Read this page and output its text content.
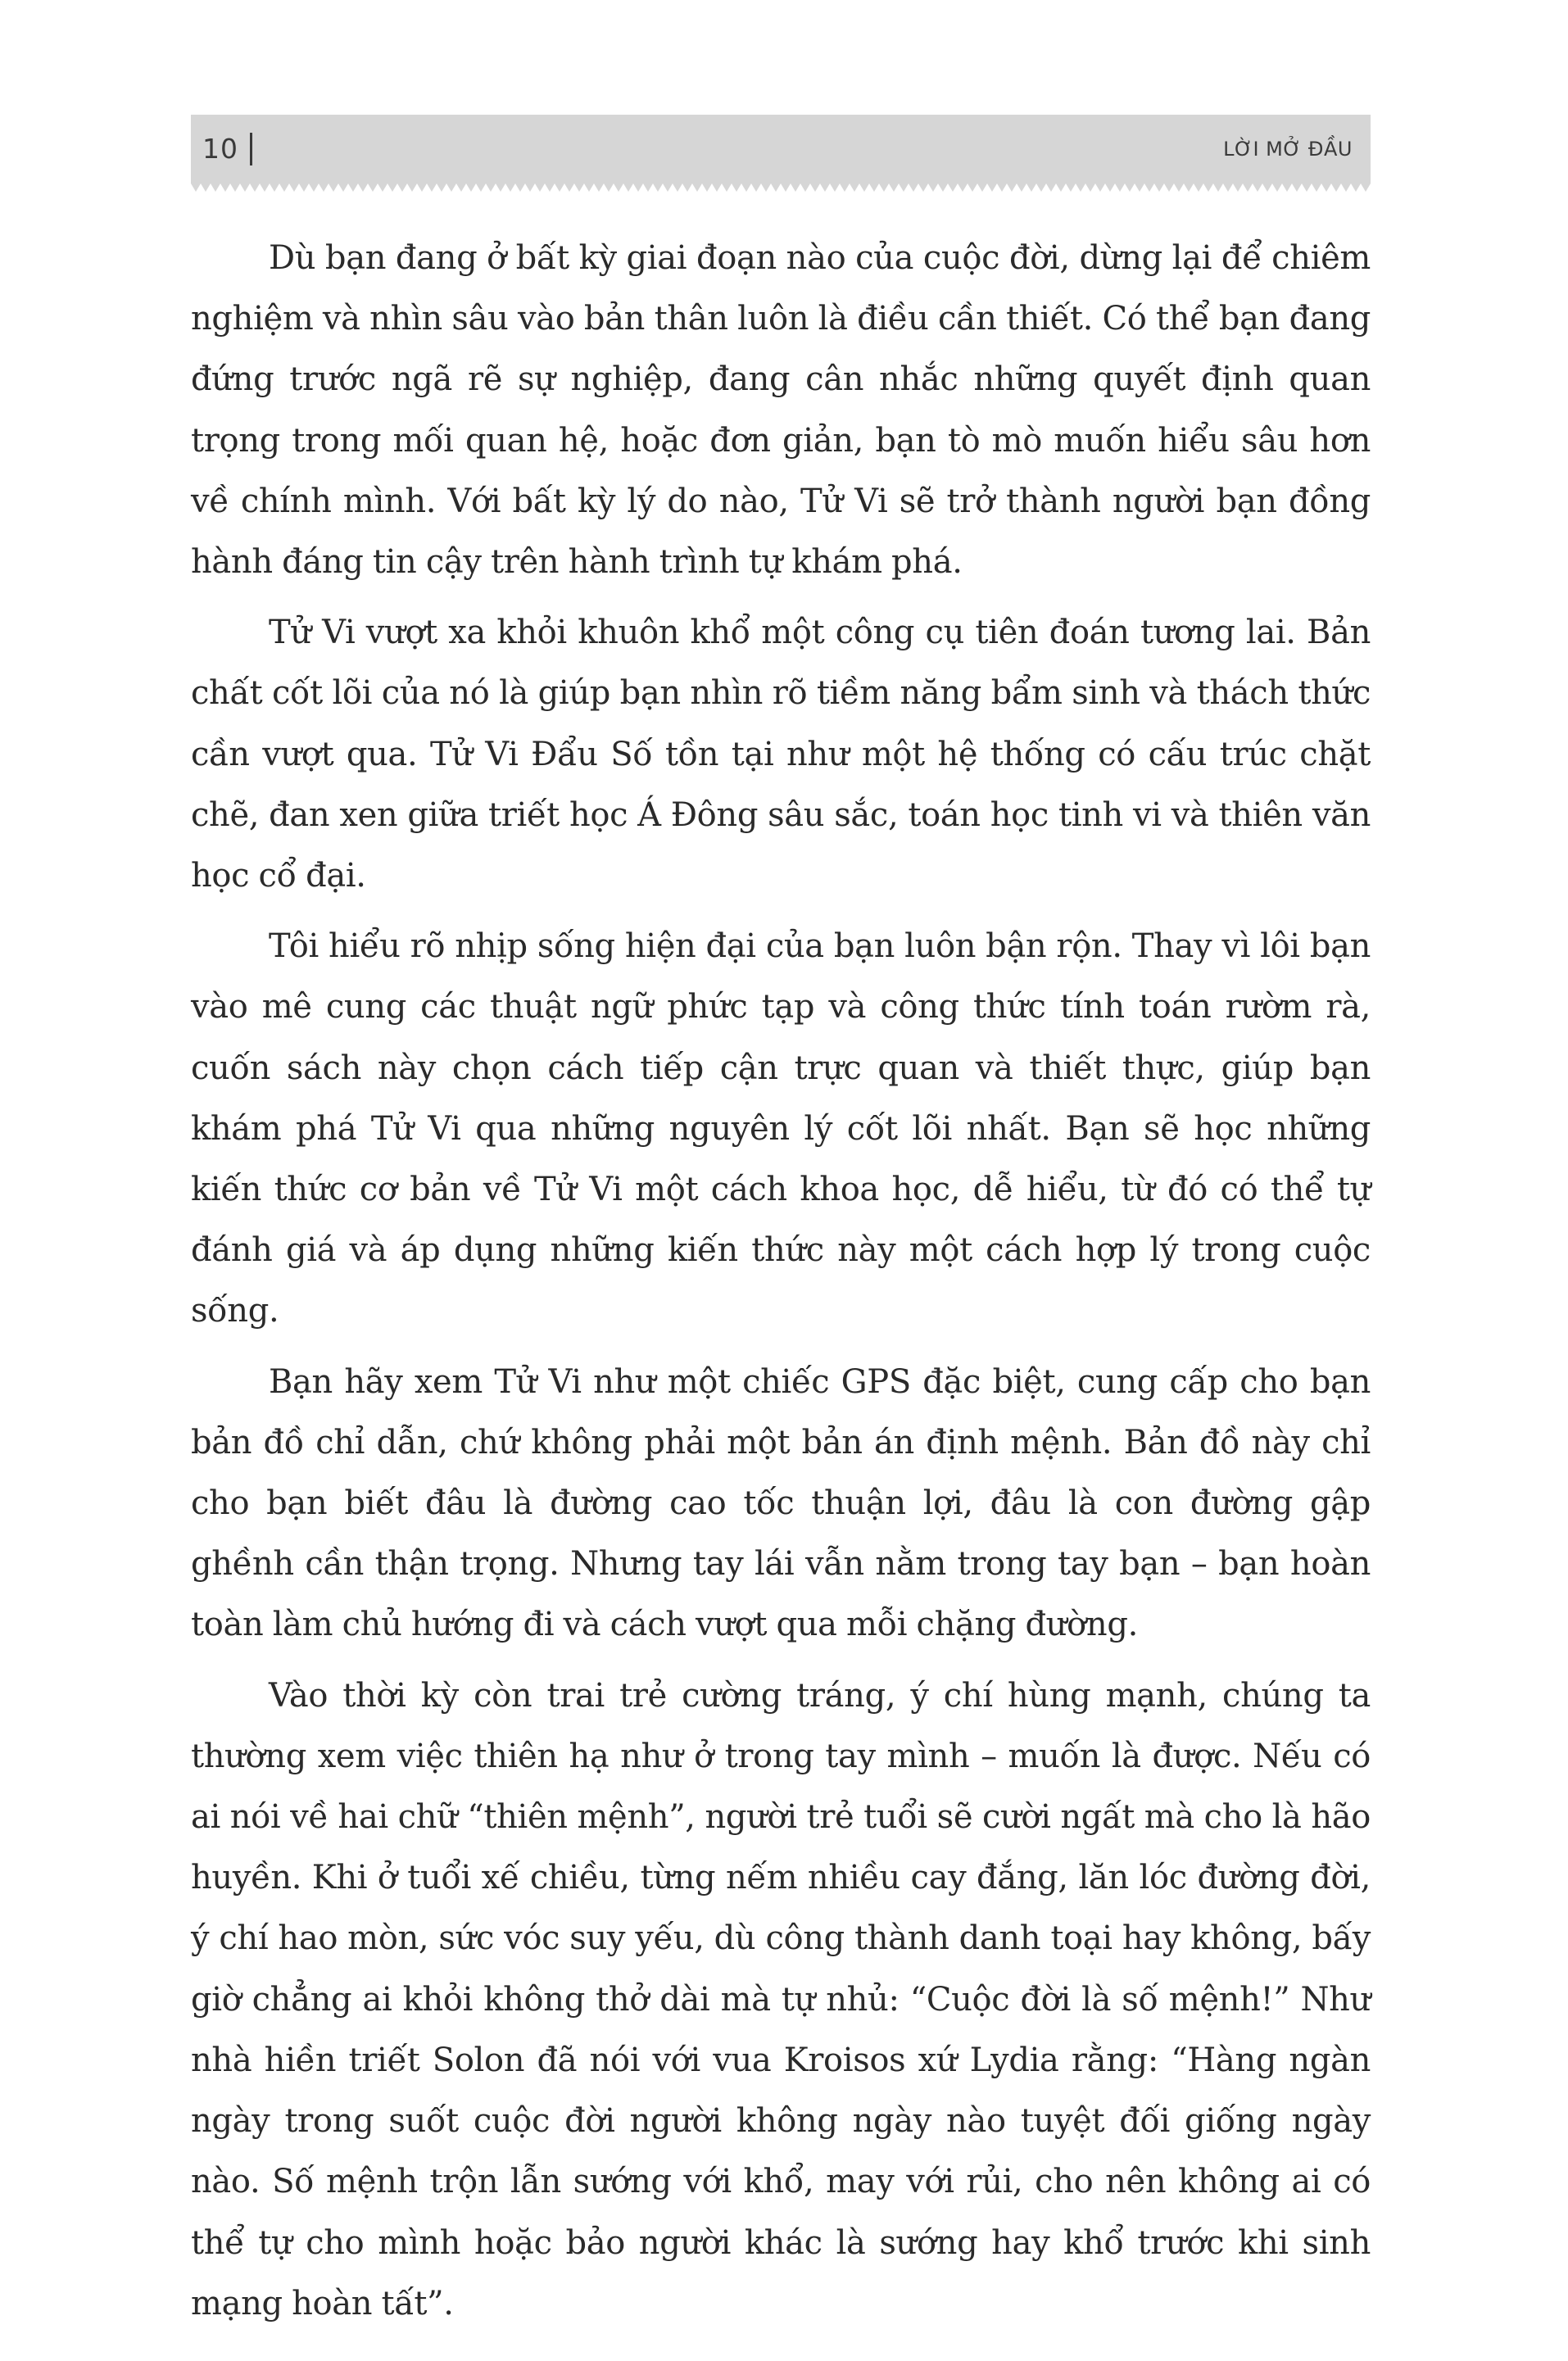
10	LỜI MỞ ĐẦU

Dù bạn đang ở bất kỳ giai đoạn nào của cuộc đời, dừng lại để chiêm nghiệm và nhìn sâu vào bản thân luôn là điều cần thiết. Có thể bạn đang đứng trước ngã rẽ sự nghiệp, đang cân nhắc những quyết định quan trọng trong mối quan hệ, hoặc đơn giản, bạn tò mò muốn hiểu sâu hơn về chính mình. Với bất kỳ lý do nào, Tử Vi sẽ trở thành người bạn đồng hành đáng tin cậy trên hành trình tự khám phá.

Tử Vi vượt xa khỏi khuôn khổ một công cụ tiên đoán tương lai. Bản chất cốt lõi của nó là giúp bạn nhìn rõ tiềm năng bẩm sinh và thách thức cần vượt qua. Tử Vi Đẩu Số tồn tại như một hệ thống có cấu trúc chặt chẽ, đan xen giữa triết học Á Đông sâu sắc, toán học tinh vi và thiên văn học cổ đại.

Tôi hiểu rõ nhịp sống hiện đại của bạn luôn bận rộn. Thay vì lôi bạn vào mê cung các thuật ngữ phức tạp và công thức tính toán rườm rà, cuốn sách này chọn cách tiếp cận trực quan và thiết thực, giúp bạn khám phá Tử Vi qua những nguyên lý cốt lõi nhất. Bạn sẽ học những kiến thức cơ bản về Tử Vi một cách khoa học, dễ hiểu, từ đó có thể tự đánh giá và áp dụng những kiến thức này một cách hợp lý trong cuộc sống.

Bạn hãy xem Tử Vi như một chiếc GPS đặc biệt, cung cấp cho bạn bản đồ chỉ dẫn, chứ không phải một bản án định mệnh. Bản đồ này chỉ cho bạn biết đâu là đường cao tốc thuận lợi, đâu là con đường gập ghềnh cần thận trọng. Nhưng tay lái vẫn nằm trong tay bạn – bạn hoàn toàn làm chủ hướng đi và cách vượt qua mỗi chặng đường.

Vào thời kỳ còn trai trẻ cường tráng, ý chí hùng mạnh, chúng ta thường xem việc thiên hạ như ở trong tay mình – muốn là được. Nếu có ai nói về hai chữ “thiên mệnh”, người trẻ tuổi sẽ cười ngất mà cho là hão huyền. Khi ở tuổi xế chiều, từng nếm nhiều cay đắng, lăn lóc đường đời, ý chí hao mòn, sức vóc suy yếu, dù công thành danh toại hay không, bấy giờ chẳng ai khỏi không thở dài mà tự nhủ: “Cuộc đời là số mệnh!” Như nhà hiền triết Solon đã nói với vua Kroisos xứ Lydia rằng: “Hàng ngàn ngày trong suốt cuộc đời người không ngày nào tuyệt đối giống ngày nào. Số mệnh trộn lẫn sướng với khổ, may với rủi, cho nên không ai có thể tự cho mình hoặc bảo người khác là sướng hay khổ trước khi sinh mạng hoàn tất”.
